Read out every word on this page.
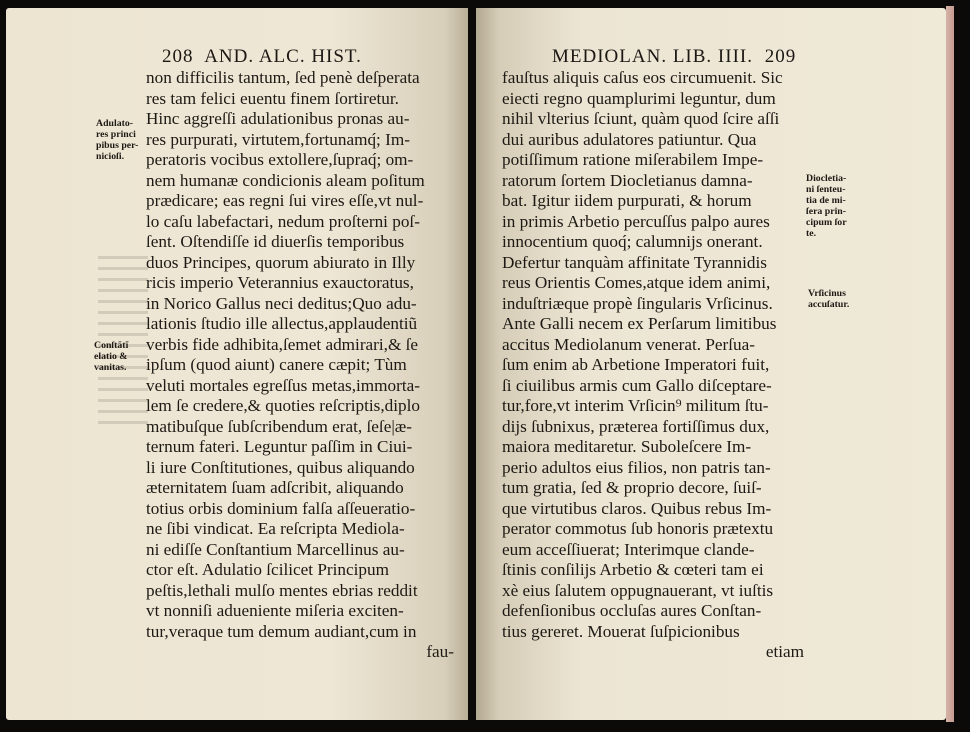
208 AND. ALC. HIST.
non difficilis tantum, ſed penè deſperata
res tam felici euentu finem ſortiretur.
Hinc aggreſſi adulationibus pronas au-
res purpurati, virtutem,fortunamq́; Im-
peratoris vocibus extollere,ſupraq́; om-
nem humanæ condicionis aleam poſitum
prædicare; eas regni ſui vires eſſe,vt nul-
lo caſu labefactari, nedum proſterni poſ-
ſent. Oſtendiſſe id diuerſis temporibus
duos Principes, quorum abiurato in Illy
ricis imperio Veterannius exauctoratus,
in Norico Gallus neci deditus;Quo adu-
lationis ſtudio ille allectus,applaudentiũ
verbis fide adhibita,ſemet admirari,& ſe
ipſum (quod aiunt) canere cæpit; Tùm
veluti mortales egreſſus metas,immorta-
lem ſe credere,& quoties reſcriptis,diplo
matibuſque ſubſcribendum erat, ſeſe|æ-
ternum fateri. Leguntur paſſim in Ciui-
li iure Conſtitutiones, quibus aliquando
æternitatem ſuam adſcribit, aliquando
totius orbis dominium falſa aſſeueratio-
ne ſibi vindicat. Ea reſcripta Mediola-
ni ediſſe Conſtantium Marcellinus au-
ctor eſt. Adulatio ſcilicet Principum
peſtis,lethali mulſo mentes ebrias reddit
vt nonniſi adueniente miſeria exciten-
tur,veraque tum demum audiant,cum in
fau-
Adulato-
res princi
pibus per-
nicioſi.
Conſtãtĩ
elatio &
vanitas.
MEDIOLAN. LIB. IIII. 209
fauſtus aliquis caſus eos circumuenit. Sic
eiecti regno quamplurimi leguntur, dum
nihil vlterius ſciunt, quàm quod ſcire aſſi
dui auribus adulatores patiuntur. Qua
potiſſimum ratione miſerabilem Impe-
ratorum ſortem Diocletianus damna-
bat. Igitur iidem purpurati, & horum
in primis Arbetio percuſſus palpo aures
innocentium quoq́; calumnijs onerant.
Defertur tanquàm affinitate Tyrannidis
reus Orientis Comes,atque idem animi,
induſtriæque propè ſingularis Vrſicinus.
Ante Galli necem ex Perſarum limitibus
accitus Mediolanum venerat. Perſua-
ſum enim ab Arbetione Imperatori fuit,
ſi ciuilibus armis cum Gallo diſceptare-
tur,fore,vt interim Vrſicin⁹ militum ſtu-
dijs ſubnixus, præterea fortiſſimus dux,
maiora meditaretur. Suboleſcere Im-
perio adultos eius filios, non patris tan-
tum gratia, ſed & proprio decore, ſuiſ-
que virtutibus claros. Quibus rebus Im-
perator commotus ſub honoris prætextu
eum acceſſiuerat; Interimque clande-
ſtinis conſilijs Arbetio & cœteri tam ei
xè eius ſalutem oppugnauerant, vt iuſtis
defenſionibus occluſas aures Conſtan-
tius gereret. Mouerat ſuſpicionibus
etiam
Diocletia-
ni ſenteu-
tia de mi-
ſera prin-
cipum ſor
te.
Vrſicinus
accuſatur.
